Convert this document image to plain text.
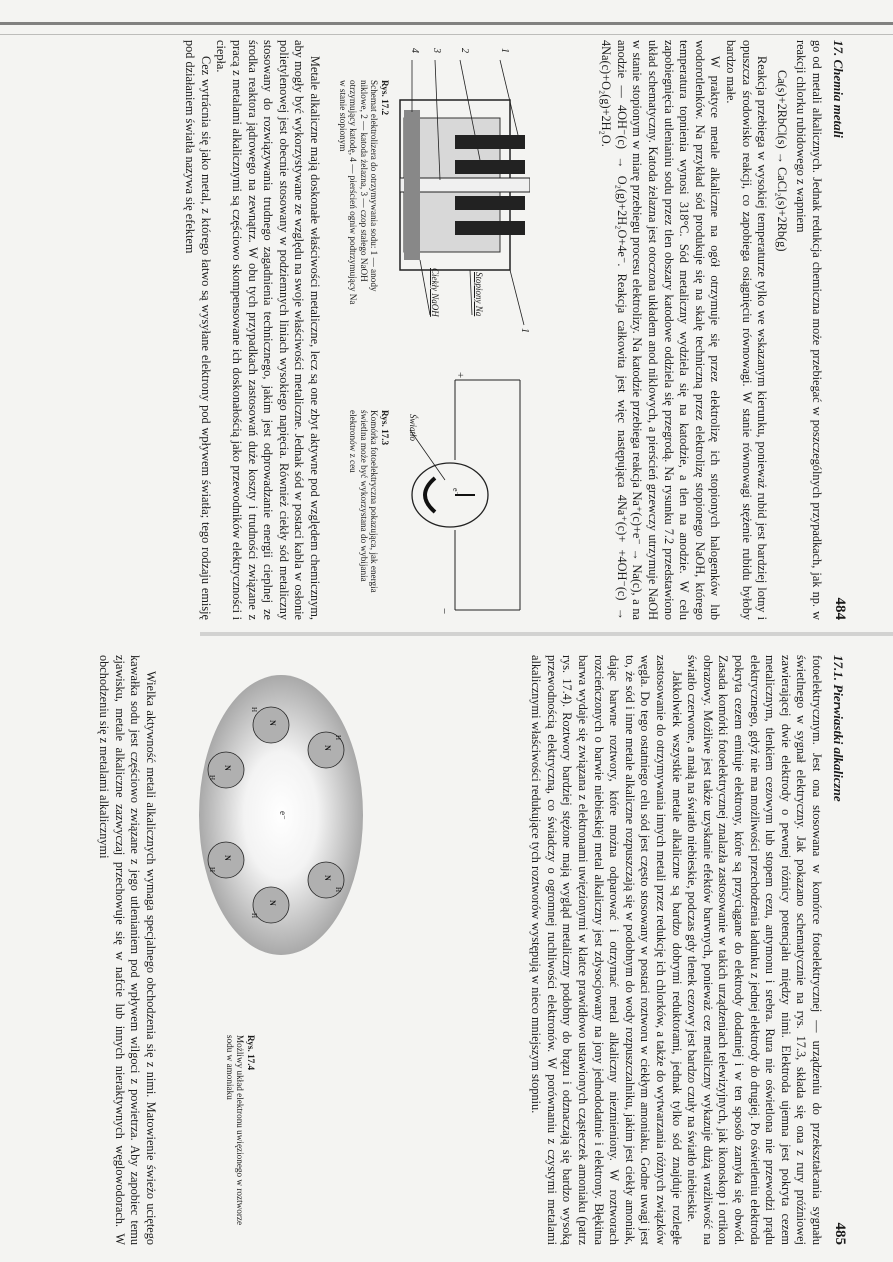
17. Chemia metali
484

go od metali alkalicznych. Jednak redukcja chemiczna może przebiegać w poszczególnych przypadkach, jak np. w reakcji chlorku rubidowego z wapniem

Ca(s)+2RbCl(s) → CaCl₂(s)+2Rb(g)

Reakcja przebiega w wysokiej temperaturze tylko we wskazanym kierunku, ponieważ rubid jest bardziej lotny i opuszcza środowisko reakcji, co zapobiega osiągnięciu równowagi. W stanie równowagi stężenie rubidu byłoby bardzo małe.

W praktyce metale alkaliczne na ogół otrzymuje się przez elektrolizę ich stopionych halogenków lub wodorotlenków. Na przykład sód produkuje się na skalę techniczną przez elektrolizę stopionego NaOH, którego temperatura topnienia wynosi 318°C. Sód metaliczny wydziela się na katodzie, a tlen na anodzie. W celu zapobiegnięcia utlenianiu sodu przez tlen obszary katodowe oddziela się przegrodą. Na rysunku 7.2 przedstawiono układ schematyczny. Katoda żelazna jest otoczona układem anod niklowych, a pierścień grzewczy utrzymuje NaOH w stanie stopionym w miarę przebiegu procesu elektrolizy. Na katodzie przebiega reakcja Na⁺(c)+e⁻ → Na(c), a na anodzie — 4OH⁻(c) → O₂(g)+2H₂O+4e⁻. Reakcja całkowita jest więc następująca 4Na⁺(c)+ +4OH⁻(c) → 4Na(c)+O₂(g)+2H₂O.

1
2
3
4
1
Stopiony Na
Ciekły NaOH
Rys. 17.2
Schemat elektrolizera do otrzymywania sodu: 1 — anody niklowe, 2 — katoda żelazna, 3 — czop stałego NaOH otrzymujący katodę, 4 — pierścień ogniw podtrzymujący Na w stanie stopionym
Światło
+
−
e⁻
Rys. 17.3
Komórka fotoelektryczna pokazująca, jak energia świetlna może być wykorzystana do wybijania elektronów z ceu

Metale alkaliczne mają doskonałe właściwości metaliczne, lecz są one zbyt aktywne pod względem chemicznym, aby mogły być wykorzystywane ze względu na swoje właściwości metaliczne. Jednak sód w postaci kabla w osłonie polietylenowej jest obecnie stosowany w podziemnych liniach wysokiego napięcia. Również ciekły sód metaliczny stosowany do rozwiązywania trudnego zagadnienia technicznego, jakim jest odprowadzanie energii cieplnej ze środka reaktora jądrowego na zewnątrz. W obu tych przypadkach zastosowań duże koszty i trudności związane z pracą z metalami alkalicznymi są częściowo skompensowane ich doskonałością jako przewodników elektryczności i ciepła.

Cez wytrácnia się jako metal, z którego łatwo są wysyłane elektrony pod wpływem światła; tego rodzaju emisję pod działaniem światła nazywa się efektem

17.1. Pierwiastki alkaliczne
485

fotoelektrycznym. Jest ona stosowana w komórce fotoelektrycznej — urządzeniu do przekształcania sygnału świetlnego w sygnał elektryczny. Jak pokazano schematycznie na rys. 17.3, składa się ona z rury próżniowej zawierającej dwie elektrody o pewnej różnicy potencjału między nimi. Elektroda ujemna jest pokryta cezem metalicznym, tlenkiem cezowym lub stopem cezu, antymonu i srebra. Rura nie oświetlona nie przewodzi prądu elektrycznego, gdyż nie ma możliwości przechodzenia ładunku z jednej elektrody do drugiej. Po oświetleniu elektroda pokryta cezem emituje elektrony, które są przyciągane do elektrody dodatniej i w ten sposób zamyka się obwód. Zasada komórki fotoelektrycznej znalazła zastosowanie w takich urządzeniach telewizyjnych, jak ikonoskop i ortikon obrazowy. Możliwe jest także uzyskanie efektów barwnych, ponieważ cez metaliczny wykazuje dużą wrażliwość na światło czerwone, a małą na światło niebieskie, podczas gdy tlenek cezowy jest bardzo czuły na światło niebieskie.

Jakkolwiek wszystkie metale alkaliczne są bardzo dobrymi reduktorami, jednak tylko sód znajduje rozległe zastosowanie do otrzymywania innych metali przez redukcję ich chlorków, a także do wytwarzania różnych związków węgla. Do tego ostatniego celu sód jest często stosowany w postaci roztworu w ciekłym amoniaku. Godne uwagi jest to, że sód i inne metale alkaliczne rozpuszczają się w podobnym do wody rozpuszczalniku, jakim jest ciekły amoniak, dając barwne roztwory, które można odparować i otrzymać metal alkaliczny niezmieniony. W roztworach rozcieńczonych o barwie niebieskiej metal alkaliczny jest zdysocjowany na jony jednododatnie i elektrony. Błękitna barwa wydaje się związana z elektronami uwięzionymi w klatce prawidłowo ustawionych cząsteczek amoniaku (patrz rys. 17.4). Roztwory bardziej stężone mają wygląd metaliczny podobny do brązu i odznaczają się bardzo wysoką przewodnością elektryczną, co świadczy o ogromnej ruchliwości elektronów. W porównaniu z czystymi metalami alkalicznymi właściwości redukujące tych roztworów występują w nieco mniejszym stopniu.

e⁻
N
N
N
N
N
N
H
H
H
H
H
H
Rys. 17.4
Możliwy układ elektronu uwięzionego w roztworze sodu w amoniaku

Wielka aktywność metali alkalicznych wymaga specjalnego obchodzenia się z nimi. Matowienie świeżo uciętego kawałka sodu jest częściowo związane z jego utlenianiem pod wpływem wilgoci z powietrza. Aby zapobiec temu zjawisku, metale alkaliczne zazwyczaj przechowuje się w nafcie lub innych nieraktywnych węglowodorach. W obchodzeniu się z metalami alkalicznymi
